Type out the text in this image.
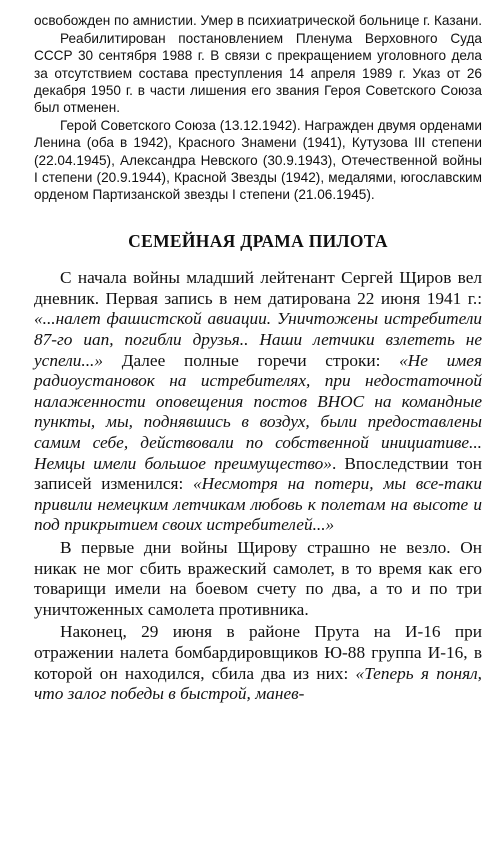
освобожден по амнистии. Умер в психиатрической больнице г. Казани.

Реабилитирован постановлением Пленума Верховного Суда СССР 30 сентября 1988 г. В связи с прекращением уголовного дела за отсутствием состава преступления 14 апреля 1989 г. Указ от 26 декабря 1950 г. в части лишения его звания Героя Советского Союза был отменен.

Герой Советского Союза (13.12.1942). Награжден двумя орденами Ленина (оба в 1942), Красного Знамени (1941), Кутузова III степени (22.04.1945), Александра Невского (30.9.1943), Отечественной войны I степени (20.9.1944), Красной Звезды (1942), медалями, югославским орденом Партизанской звезды I степени (21.06.1945).

СЕМЕЙНАЯ ДРАМА ПИЛОТА

С начала войны младший лейтенант Сергей Щиров вел дневник. Первая запись в нем датирована 22 июня 1941 г.: «...налет фашистской авиации. Уничтожены истребители 87-го иап, погибли друзья.. Наши летчики взлететь не успели...» Далее полные горечи строки: «Не имея радиоустановок на истребителях, при недостаточной налаженности оповещения постов ВНОС на командные пункты, мы, поднявшись в воздух, были предоставлены самим себе, действовали по собственной инициативе... Немцы имели большое преимущество». Впоследствии тон записей изменился: «Несмотря на потери, мы все-таки привили немецким летчикам любовь к полетам на высоте и под прикрытием своих истребителей...»

В первые дни войны Щирову страшно не везло. Он никак не мог сбить вражеский самолет, в то время как его товарищи имели на боевом счету по два, а то и по три уничтоженных самолета противника.

Наконец, 29 июня в районе Прута на И-16 при отражении налета бомбардировщиков Ю-88 группа И-16, в которой он находился, сбила два из них: «Теперь я понял, что залог победы в быстрой, манев-
